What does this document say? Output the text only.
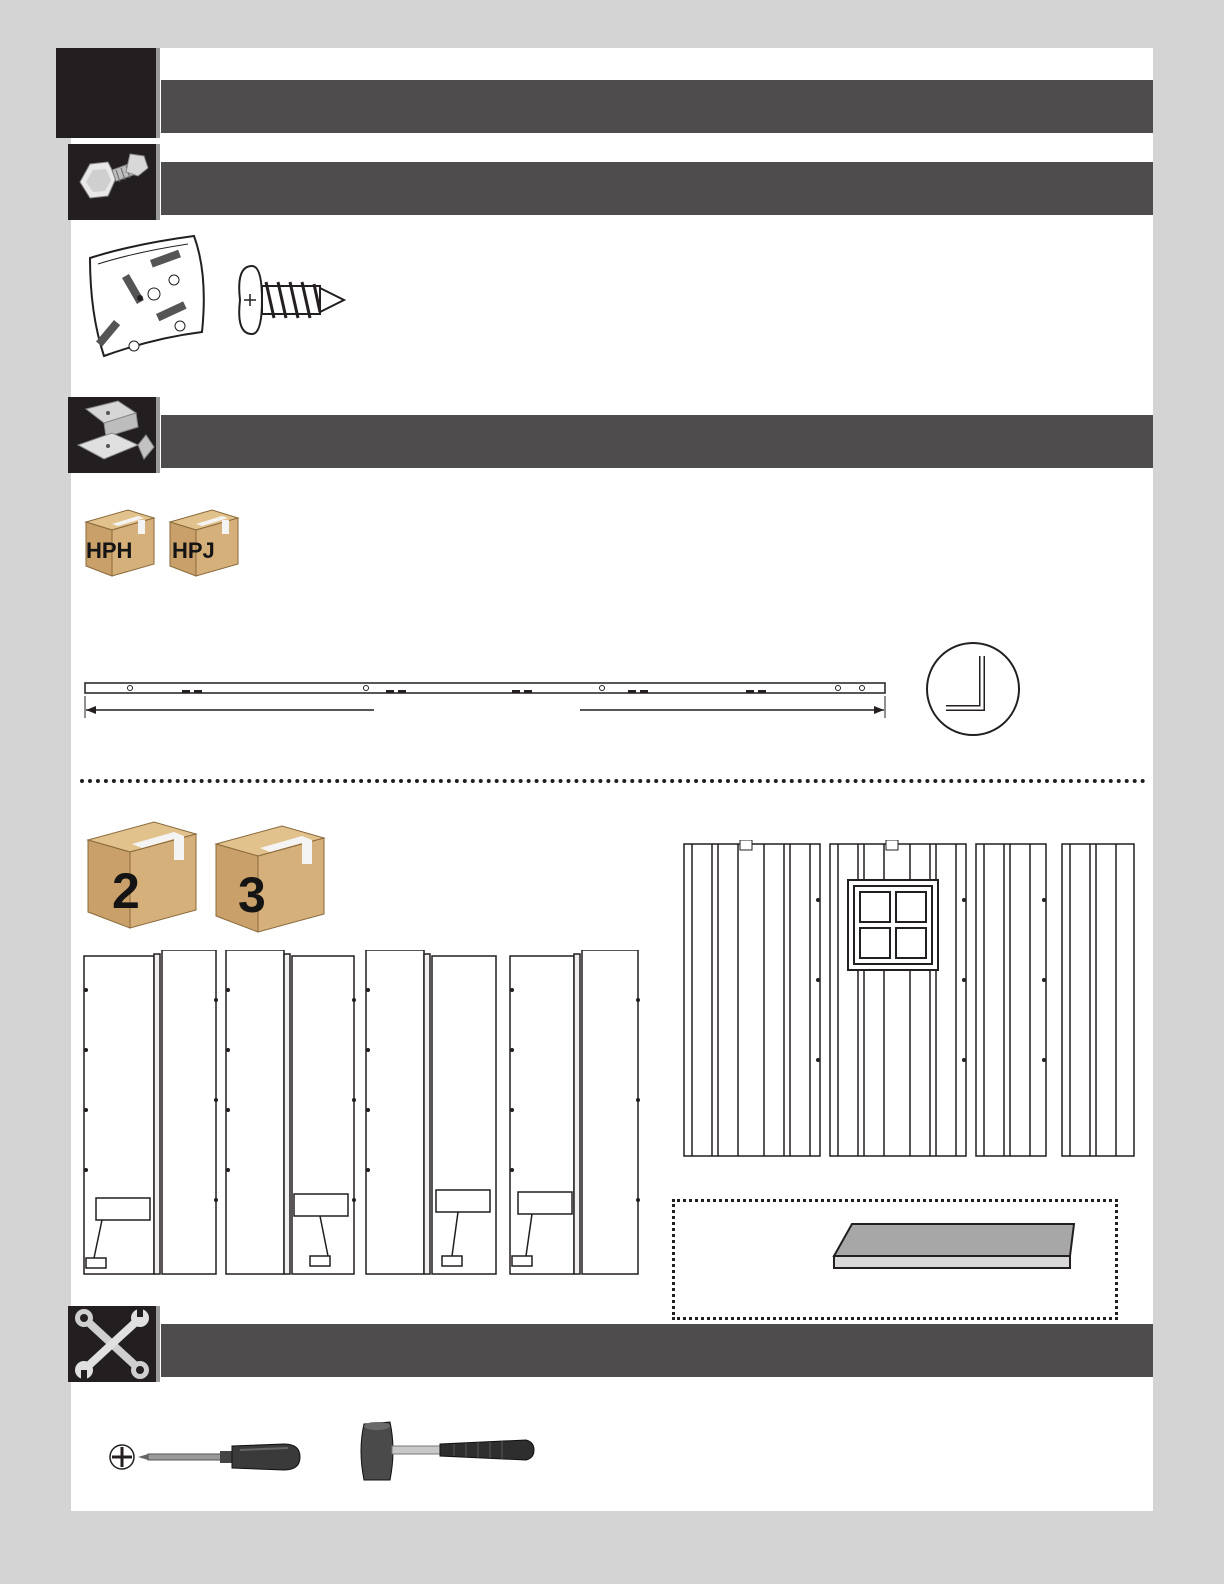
HPH HPJ
2 3
